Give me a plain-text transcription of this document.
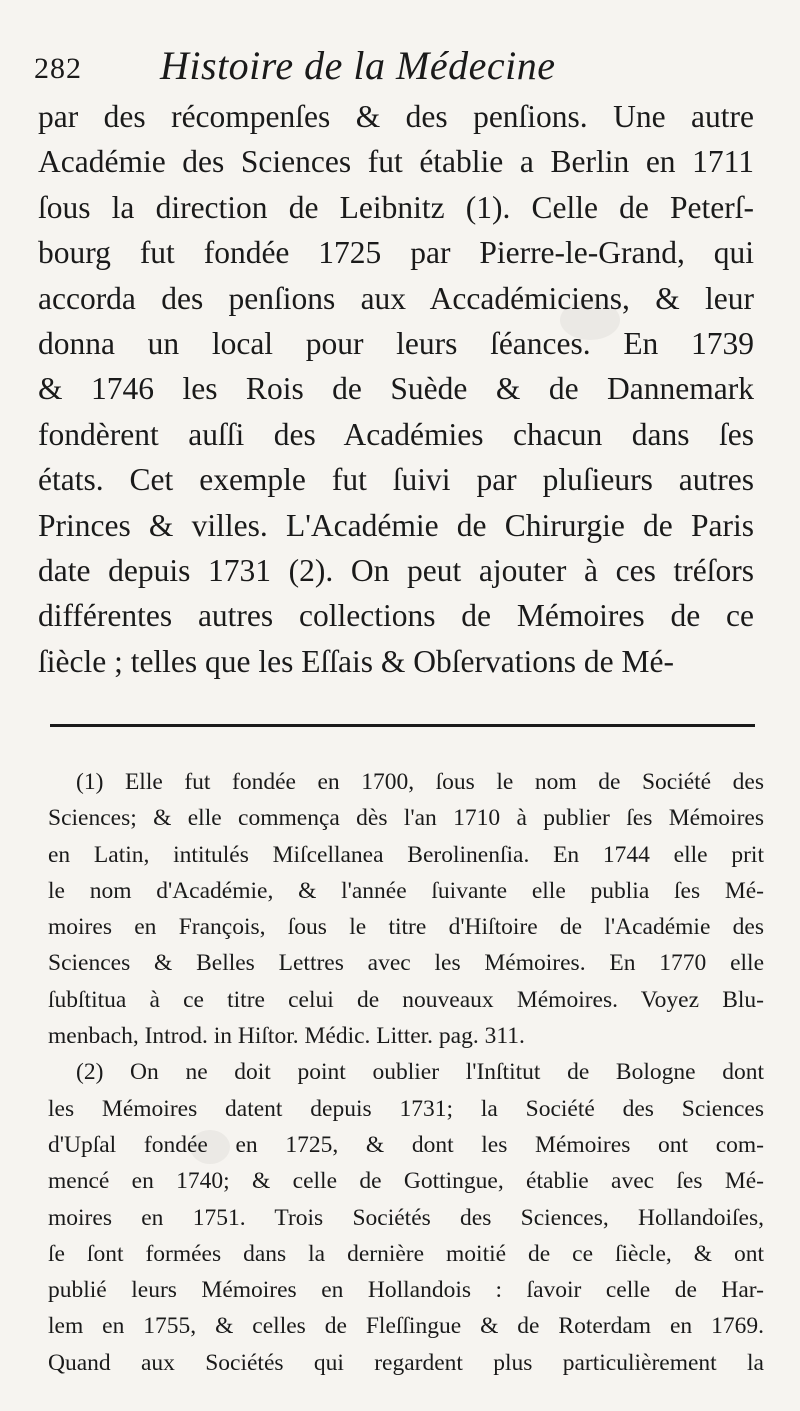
282 Histoire de la Médecine
par des récompenſes & des penſions. Une autre
Académie des Sciences fut établie a Berlin en 1711
ſous la direction de Leibnitz (1). Celle de Peterſ-
bourg fut fondée 1725 par Pierre-le-Grand, qui
accorda des penſions aux Accadémiciens, & leur
donna un local pour leurs ſéances. En 1739
& 1746 les Rois de Suède & de Dannemark
fondèrent auſſi des Académies chacun dans ſes
états. Cet exemple fut ſuivi par pluſieurs autres
Princes & villes. L'Académie de Chirurgie de Paris
date depuis 1731 (2). On peut ajouter à ces tréſors
différentes autres collections de Mémoires de ce
ſiècle ; telles que les Eſſais & Obſervations de Mé-
(1) Elle fut fondée en 1700, ſous le nom de Société des
Sciences; & elle commença dès l'an 1710 à publier ſes Mémoires
en Latin, intitulés Miſcellanea Berolinenſia. En 1744 elle prit
le nom d'Académie, & l'année ſuivante elle publia ſes Mé-
moires en François, ſous le titre d'Hiſtoire de l'Académie des
Sciences & Belles Lettres avec les Mémoires. En 1770 elle
ſubſtitua à ce titre celui de nouveaux Mémoires. Voyez Blu-
menbach, Introd. in Hiſtor. Médic. Litter. pag. 311.
(2) On ne doit point oublier l'Inſtitut de Bologne dont
les Mémoires datent depuis 1731; la Société des Sciences
d'Upſal fondée en 1725, & dont les Mémoires ont com-
mencé en 1740; & celle de Gottingue, établie avec ſes Mé-
moires en 1751. Trois Sociétés des Sciences, Hollandoiſes,
ſe ſont formées dans la dernière moitié de ce ſiècle, & ont
publié leurs Mémoires en Hollandois : ſavoir celle de Har-
lem en 1755, & celles de Fleſſingue & de Roterdam en 1769.
Quand aux Sociétés qui regardent plus particulièrement la
